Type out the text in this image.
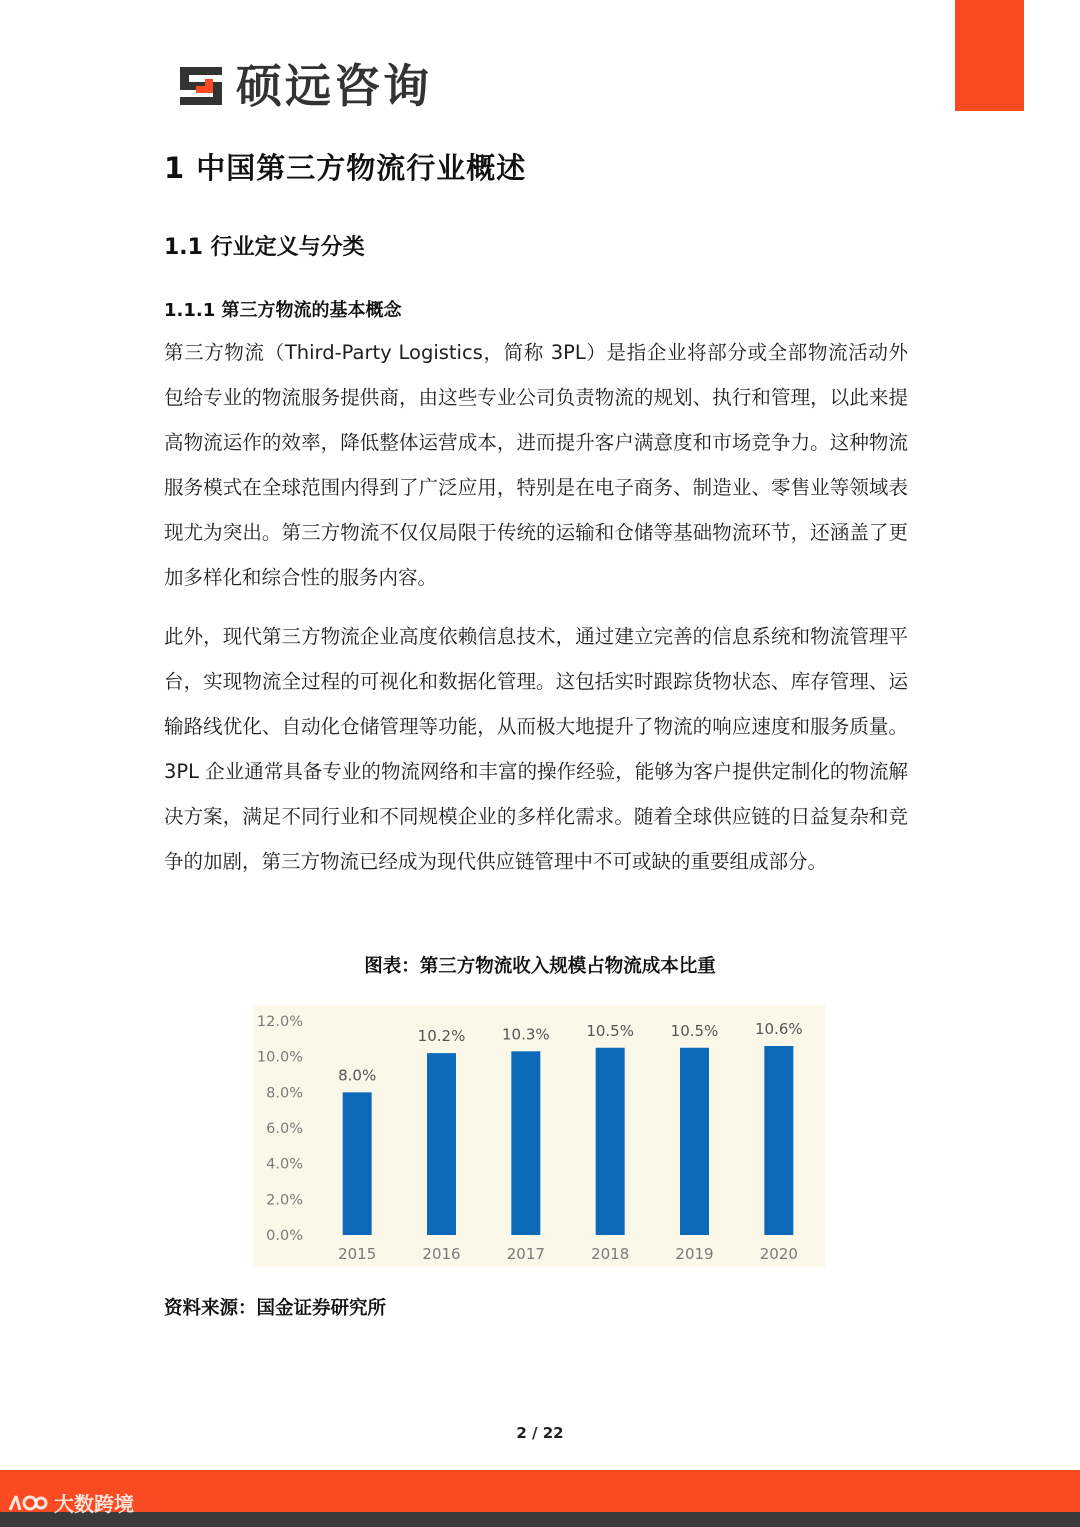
硕远咨询
1 中国第三方物流行业概述
1.1 行业定义与分类
1.1.1 第三方物流的基本概念

第三方物流（Third-Party Logistics，简称 3PL）是指企业将部分或全部物流活动外包给专业的物流服务提供商，由这些专业公司负责物流的规划、执行和管理，以此来提高物流运作的效率，降低整体运营成本，进而提升客户满意度和市场竞争力。这种物流服务模式在全球范围内得到了广泛应用，特别是在电子商务、制造业、零售业等领域表现尤为突出。第三方物流不仅仅局限于传统的运输和仓储等基础物流环节，还涵盖了更加多样化和综合性的服务内容。

此外，现代第三方物流企业高度依赖信息技术，通过建立完善的信息系统和物流管理平台，实现物流全过程的可视化和数据化管理。这包括实时跟踪货物状态、库存管理、运输路线优化、自动化仓储管理等功能，从而极大地提升了物流的响应速度和服务质量。3PL 企业通常具备专业的物流网络和丰富的操作经验，能够为客户提供定制化的物流解决方案，满足不同行业和不同规模企业的多样化需求。随着全球供应链的日益复杂和竞争的加剧，第三方物流已经成为现代供应链管理中不可或缺的重要组成部分。

图表：第三方物流收入规模占物流成本比重
0.0%
2.0%
4.0%
6.0%
8.0%
10.0%
12.0%
8.0%
2015
10.2%
2016
10.3%
2017
10.5%
2018
10.5%
2019
10.6%
2020
资料来源：国金证券研究所
2 / 22
大数跨境
